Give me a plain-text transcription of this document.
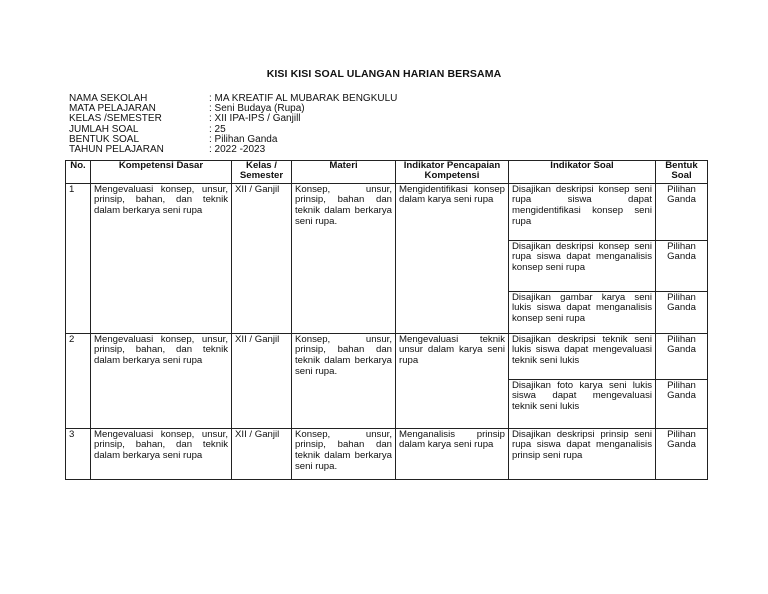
KISI KISI SOAL ULANGAN HARIAN BERSAMA
NAMA SEKOLAH	: MA KREATIF AL MUBARAK BENGKULU
MATA PELAJARAN	: Seni Budaya (Rupa)
KELAS /SEMESTER	: XII IPA-IPS / Ganjill
JUMLAH SOAL	: 25
BENTUK SOAL	: Pilihan Ganda
TAHUN PELAJARAN	: 2022 -2023
No.	Kompetensi Dasar	Kelas / Semester	Materi	Indikator Pencapaian Kompetensi	Indikator Soal	Bentuk Soal
1	Mengevaluasi konsep, unsur, prinsip, bahan, dan teknik dalam berkarya seni rupa	XII / Ganjil	Konsep, unsur, prinsip, bahan dan teknik dalam berkarya seni rupa.	Mengidentifikasi konsep dalam karya seni rupa	Disajikan deskripsi konsep seni rupa siswa dapat mengidentifikasi konsep seni rupa	Pilihan Ganda
					Disajikan deskripsi konsep seni rupa siswa dapat menganalisis konsep seni rupa	Pilihan Ganda
					Disajikan gambar karya seni lukis siswa dapat menganalisis konsep seni rupa	Pilihan Ganda
2	Mengevaluasi konsep, unsur, prinsip, bahan, dan teknik dalam berkarya seni rupa	XII / Ganjil	Konsep, unsur, prinsip, bahan dan teknik dalam berkarya seni rupa.	Mengevaluasi teknik unsur dalam karya seni rupa	Disajikan deskripsi teknik seni lukis siswa dapat mengevaluasi teknik seni lukis	Pilihan Ganda
					Disajikan foto karya seni lukis siswa dapat mengevaluasi teknik seni lukis	Pilihan Ganda
3	Mengevaluasi konsep, unsur, prinsip, bahan, dan teknik dalam berkarya seni rupa	XII / Ganjil	Konsep, unsur, prinsip, bahan dan teknik dalam berkarya seni rupa.	Menganalisis prinsip dalam karya seni rupa	Disajikan deskripsi prinsip seni rupa siswa dapat menganalisis prinsip seni rupa	Pilihan Ganda
